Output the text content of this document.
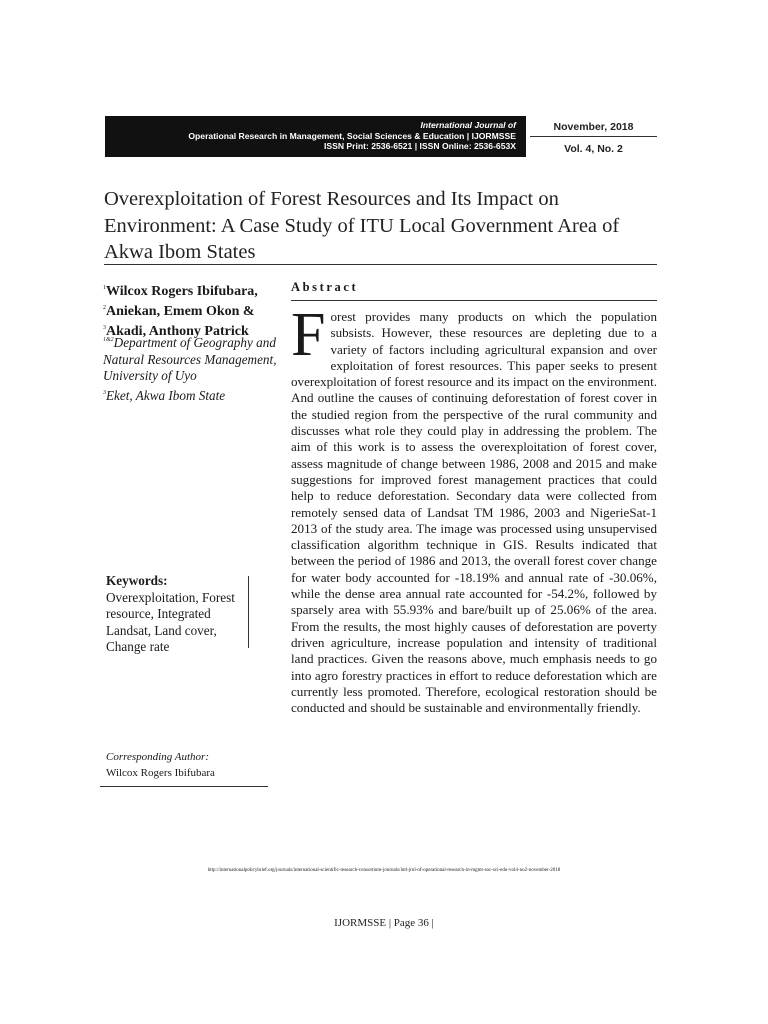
International Journal of
Operational Research in Management, Social Sciences & Education | IJORMSSE
ISSN Print: 2536-6521 | ISSN Online: 2536-653X
November, 2018
Vol. 4, No. 2
Overexploitation of Forest Resources and Its Impact on Environment: A Case Study of ITU Local Government Area of Akwa Ibom States
$^1$Wilcox Rogers Ibifubara,
$^2$Aniekan, Emem Okon &
$^3$Akadi, Anthony Patrick
$^{1\&2}$Department of Geography and Natural Resources Management,
University of Uyo
$^3$Eket, Akwa Ibom State
Abstract

Forest provides many products on which the population subsists. However, these resources are depleting due to a variety of factors including agricultural expansion and over exploitation of forest resources. This paper seeks to present overexploitation of forest resource and its impact on the environment. And outline the causes of continuing deforestation of forest cover in the studied region from the perspective of the rural community and discusses what role they could play in addressing the problem. The aim of this work is to assess the overexploitation of forest cover, assess magnitude of change between 1986, 2008 and 2015 and make suggestions for improved forest management practices that could help to reduce deforestation. Secondary data were collected from remotely sensed data of Landsat TM 1986, 2003 and NigerieSat-1 2013 of the study area. The image was processed using unsupervised classification algorithm technique in GIS. Results indicated that between the period of 1986 and 2013, the overall forest cover change for water body accounted for -18.19% and annual rate of -30.06%, while the dense area annual rate accounted for -54.2%, followed by sparsely area with 55.93% and bare/built up of 25.06% of the area. From the results, the most highly causes of deforestation are poverty driven agriculture, increase population and intensity of traditional land practices. Given the reasons above, much emphasis needs to go into agro forestry practices in effort to reduce deforestation which are currently less promoted. Therefore, ecological restoration should be conducted and should be sustainable and environmentally friendly.

Keywords:
Overexploitation, Forest resource, Integrated Landsat, Land cover, Change rate
Corresponding Author:
Wilcox Rogers Ibifubara
http://internationalpolicybrief.org/journals/international-scientific-research-consortium-journals/intl-jrnl-of-operational-research-in-mgmt-soc-sci-edu-vol4-no2-november-2018
IJORMSSE | Page 36 |
